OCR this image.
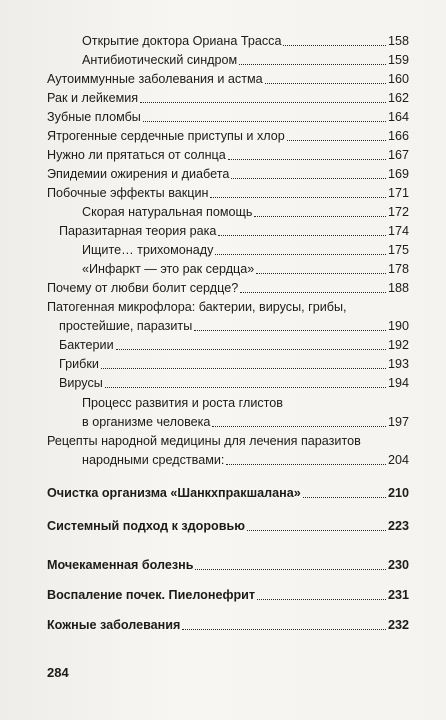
Открытие доктора Ориана Трасса	158
Антибиотический синдром	159
Аутоиммунные заболевания и астма	160
Рак и лейкемия	162
Зубные пломбы	164
Ятрогенные сердечные приступы и хлор	166
Нужно ли прятаться от солнца	167
Эпидемии ожирения и диабета	169
Побочные эффекты вакцин	171
Скорая натуральная помощь	172
Паразитарная теория рака	174
Ищите… трихомонаду	175
«Инфаркт — это рак сердца»	178
Почему от любви болит сердце?	188
Патогенная микрофлора: бактерии, вирусы, грибы,
простейшие, паразиты	190
Бактерии	192
Грибки	193
Вирусы	194
Процесс развития и роста глистов
в организме человека	197
Рецепты народной медицины для лечения паразитов
народными средствами:	204
Очистка организма «Шанкхпракшалана»	210
Системный подход к здоровью	223
Мочекаменная болезнь	230
Воспаление почек. Пиелонефрит	231
Кожные заболевания	232
284
